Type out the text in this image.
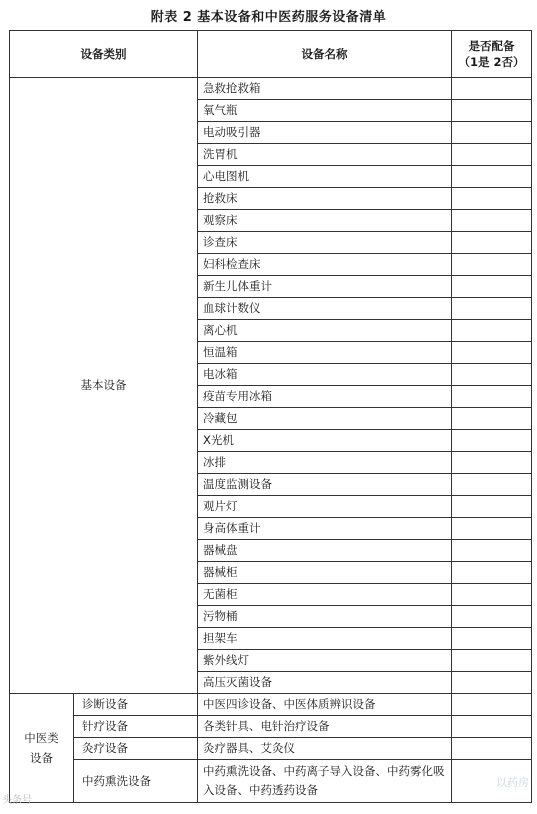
附表 2 基本设备和中医药服务设备清单
设备类别		设备名称	是否配备
（1是 2否）

基本设备		急救抢救箱	
		氧气瓶	
		电动吸引器	
		洗胃机	
		心电图机	
		抢救床	
		观察床	
		诊查床	
		妇科检查床	
		新生儿体重计	
		血球计数仪	
		离心机	
		恒温箱	
		电冰箱	
		疫苗专用冰箱	
		冷藏包	
		X光机	
		冰排	
		温度监测设备	
		观片灯	
		身高体重计	
		器械盘	
		器械柜	
		无菌柜	
		污物桶	
		担架车	
		紫外线灯	
		高压灭菌设备	

中医类
设备	诊断设备	中医四诊设备、中医体质辨识设备	
	针疗设备	各类针具、电针治疗设备	
	灸疗设备	灸疗器具、艾灸仪	
	中药熏洗设备	中药熏洗设备、中药离子导入设备、中药雾化吸入设备、中药透药设备	
头条号
以药房
